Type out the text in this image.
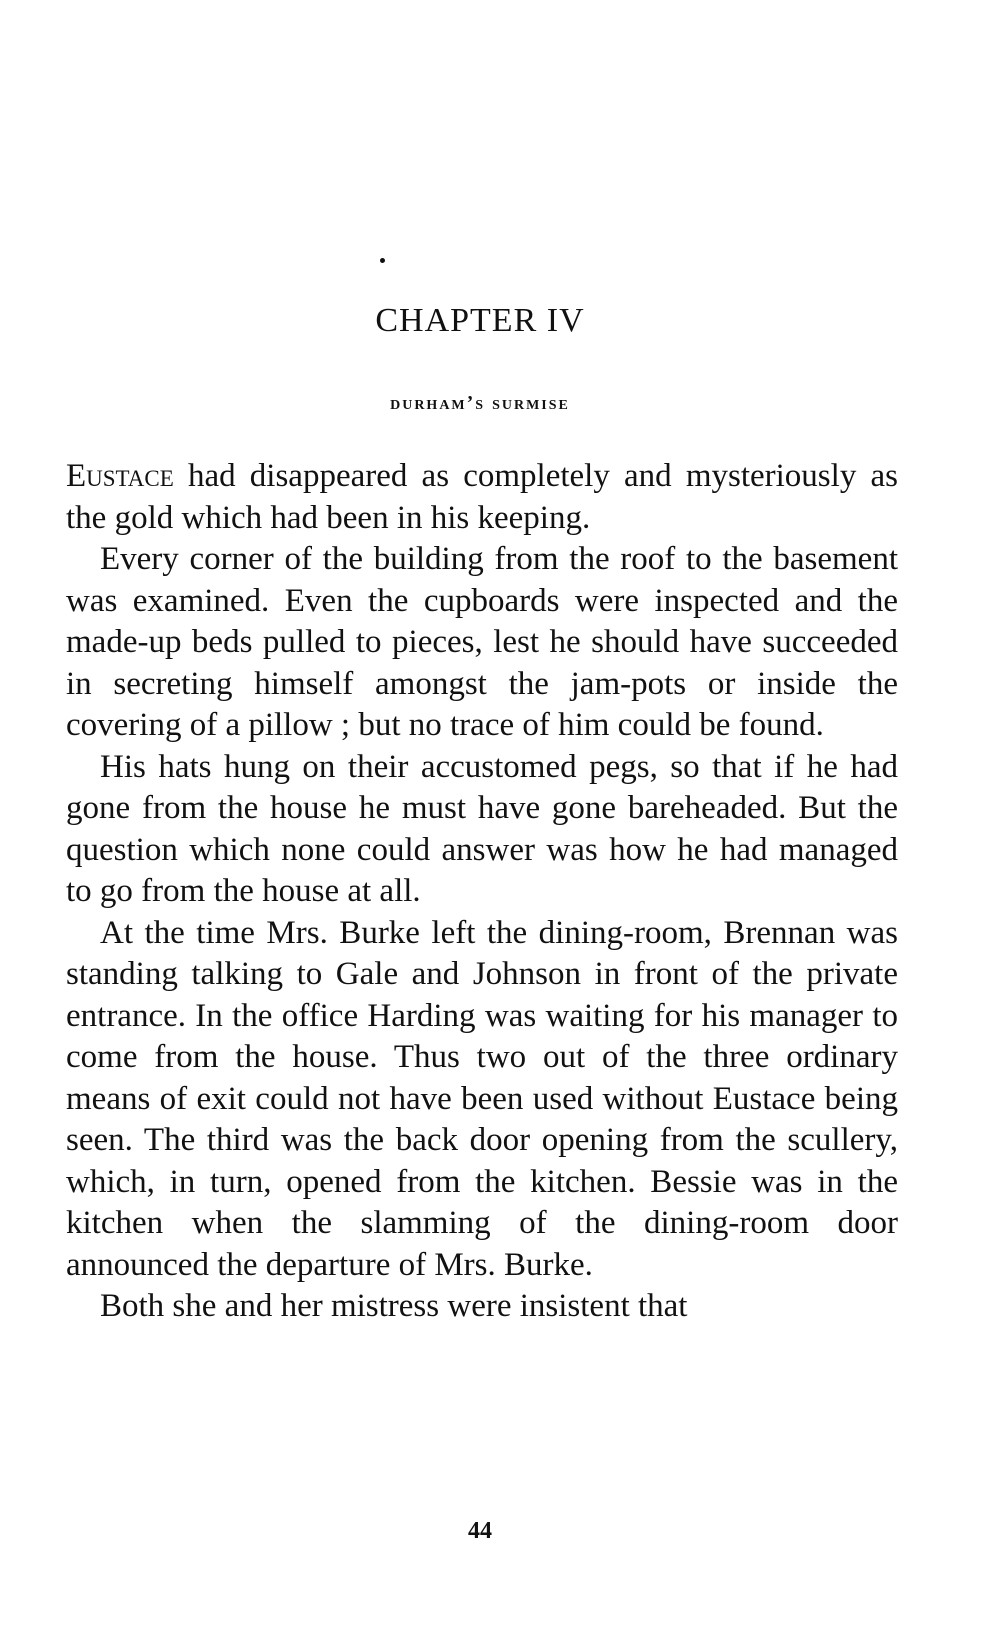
CHAPTER IV
durham’s surmise

Eustace had disappeared as completely and mysteriously as the gold which had been in his keeping.

Every corner of the building from the roof to the basement was examined. Even the cupboards were inspected and the made-up beds pulled to pieces, lest he should have succeeded in secreting himself amongst the jam-pots or inside the covering of a pillow ; but no trace of him could be found.

His hats hung on their accustomed pegs, so that if he had gone from the house he must have gone bareheaded. But the question which none could answer was how he had managed to go from the house at all.

At the time Mrs. Burke left the dining-room, Brennan was standing talking to Gale and Johnson in front of the private entrance. In the office Harding was waiting for his manager to come from the house. Thus two out of the three ordinary means of exit could not have been used without Eustace being seen. The third was the back door opening from the scullery, which, in turn, opened from the kitchen. Bessie was in the kitchen when the slamming of the dining-room door announced the departure of Mrs. Burke.

Both she and her mistress were insistent that

44
